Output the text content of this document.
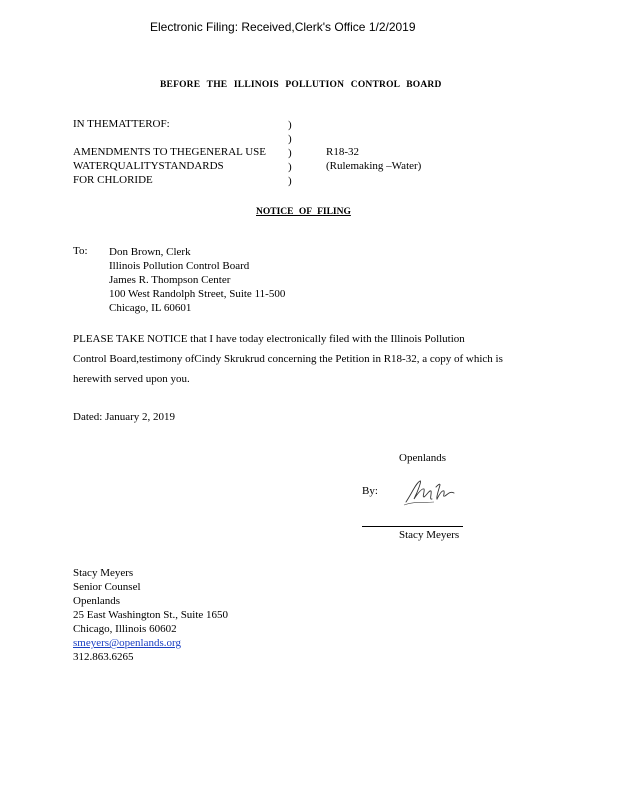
Electronic Filing: Received,Clerk's Office 1/2/2019
BEFORE THE ILLINOIS POLLUTION CONTROL BOARD
IN THEMATTEROF:
AMENDMENTS TO THEGENERAL USE
WATERQUALITYSTANDARDS
FOR CHLORIDE
)
)
)
)
)
R18-32
(Rulemaking –Water)
NOTICE OF FILING
To: Don Brown, Clerk
Illinois Pollution Control Board
James R. Thompson Center
100 West Randolph Street, Suite 11-500
Chicago, IL 60601
PLEASE TAKE NOTICE that I have today electronically filed with the Illinois Pollution
Control Board,testimony ofCindy Skrukrud concerning the Petition in R18-32, a copy of which is
herewith served upon you.
Dated: January 2, 2019
Openlands
By:
Stacy Meyers
Stacy Meyers
Senior Counsel
Openlands
25 East Washington St., Suite 1650
Chicago, Illinois 60602
smeyers@openlands.org
312.863.6265
